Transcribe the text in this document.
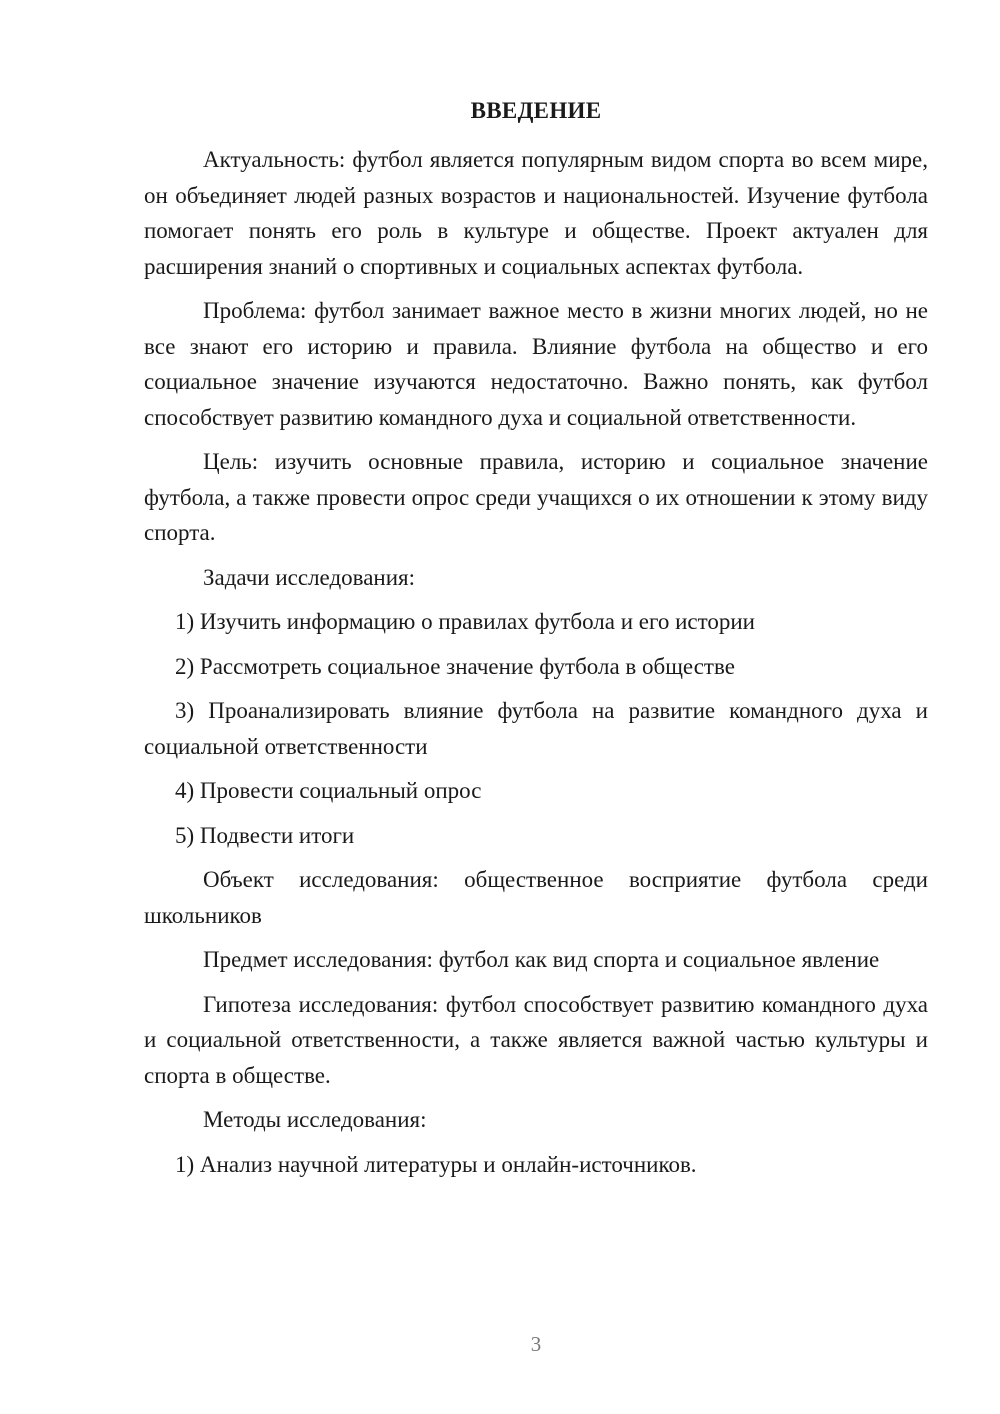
ВВЕДЕНИЕ

Актуальность: футбол является популярным видом спорта во всем мире, он объединяет людей разных возрастов и национальностей. Изучение футбола помогает понять его роль в культуре и обществе. Проект актуален для расширения знаний о спортивных и социальных аспектах футбола.

Проблема: футбол занимает важное место в жизни многих людей, но не все знают его историю и правила. Влияние футбола на общество и его социальное значение изучаются недостаточно. Важно понять, как футбол способствует развитию командного духа и социальной ответственности.

Цель: изучить основные правила, историю и социальное значение футбола, а также провести опрос среди учащихся о их отношении к этому виду спорта.

Задачи исследования:

1) Изучить информацию о правилах футбола и его истории

2) Рассмотреть социальное значение футбола в обществе

3) Проанализировать влияние футбола на развитие командного духа и социальной ответственности

4) Провести социальный опрос

5) Подвести итоги

Объект исследования: общественное восприятие футбола среди школьников

Предмет исследования: футбол как вид спорта и социальное явление

Гипотеза исследования: футбол способствует развитию командного духа и социальной ответственности, а также является важной частью культуры и спорта в обществе.

Методы исследования:

1) Анализ научной литературы и онлайн-источников.

3
